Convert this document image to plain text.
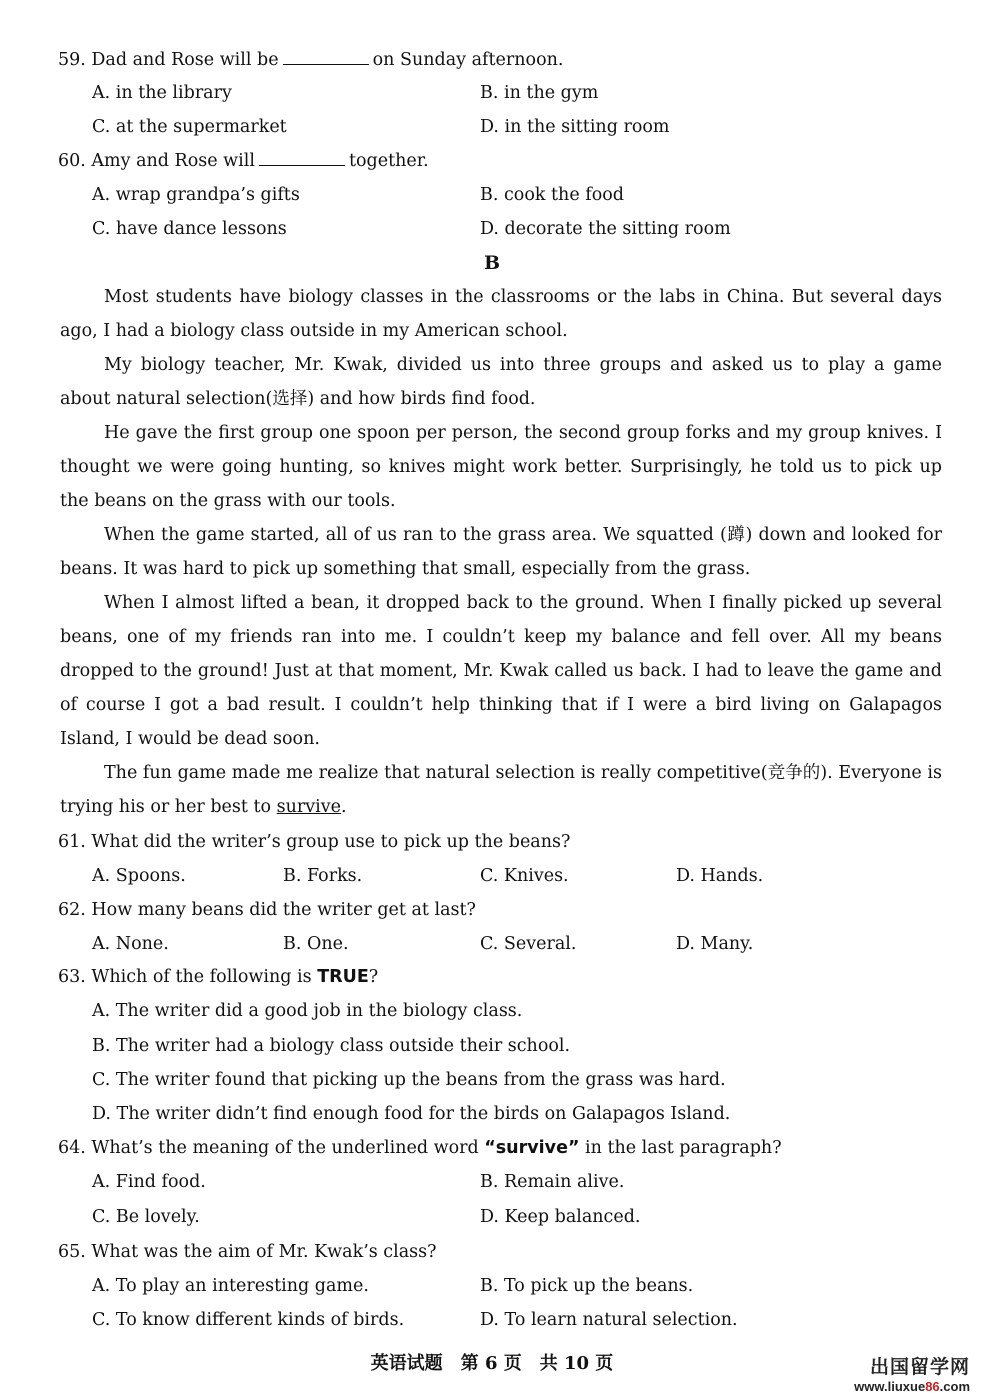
59. Dad and Rose will be	on Sunday afternoon.
A. in the library	B. in the gym
C. at the supermarket	D. in the sitting room
60. Amy and Rose will	together.
A. wrap grandpa’s gifts	B. cook the food
C. have dance lessons	D. decorate the sitting room
B

Most students have biology classes in the classrooms or the labs in China. But several days ago, I had a biology class outside in my American school.

My biology teacher, Mr. Kwak, divided us into three groups and asked us to play a game about natural selection(选择) and how birds find food.

He gave the first group one spoon per person, the second group forks and my group knives. I thought we were going hunting, so knives might work better. Surprisingly, he told us to pick up the beans on the grass with our tools.

When the game started, all of us ran to the grass area. We squatted (蹲) down and looked for beans. It was hard to pick up something that small, especially from the grass.

When I almost lifted a bean, it dropped back to the ground. When I finally picked up several beans, one of my friends ran into me. I couldn’t keep my balance and fell over. All my beans dropped to the ground! Just at that moment, Mr. Kwak called us back. I had to leave the game and of course I got a bad result. I couldn’t help thinking that if I were a bird living on Galapagos Island, I would be dead soon.

The fun game made me realize that natural selection is really competitive(竞争的). Everyone is trying his or her best to survive.

61. What did the writer’s group use to pick up the beans?
A. Spoons.	B. Forks.	C. Knives.	D. Hands.
62. How many beans did the writer get at last?
A. None.	B. One.	C. Several.	D. Many.
63. Which of the following is TRUE?
A. The writer did a good job in the biology class.
B. The writer had a biology class outside their school.
C. The writer found that picking up the beans from the grass was hard.
D. The writer didn’t find enough food for the birds on Galapagos Island.
64. What’s the meaning of the underlined word “survive” in the last paragraph?
A. Find food.	B. Remain alive.
C. Be lovely.	D. Keep balanced.
65. What was the aim of Mr. Kwak’s class?
A. To play an interesting game.	B. To pick up the beans.
C. To know different kinds of birds.	D. To learn natural selection.
英语试题　第 6 页　共 10 页	出国留学网
www.liuxue86.com
